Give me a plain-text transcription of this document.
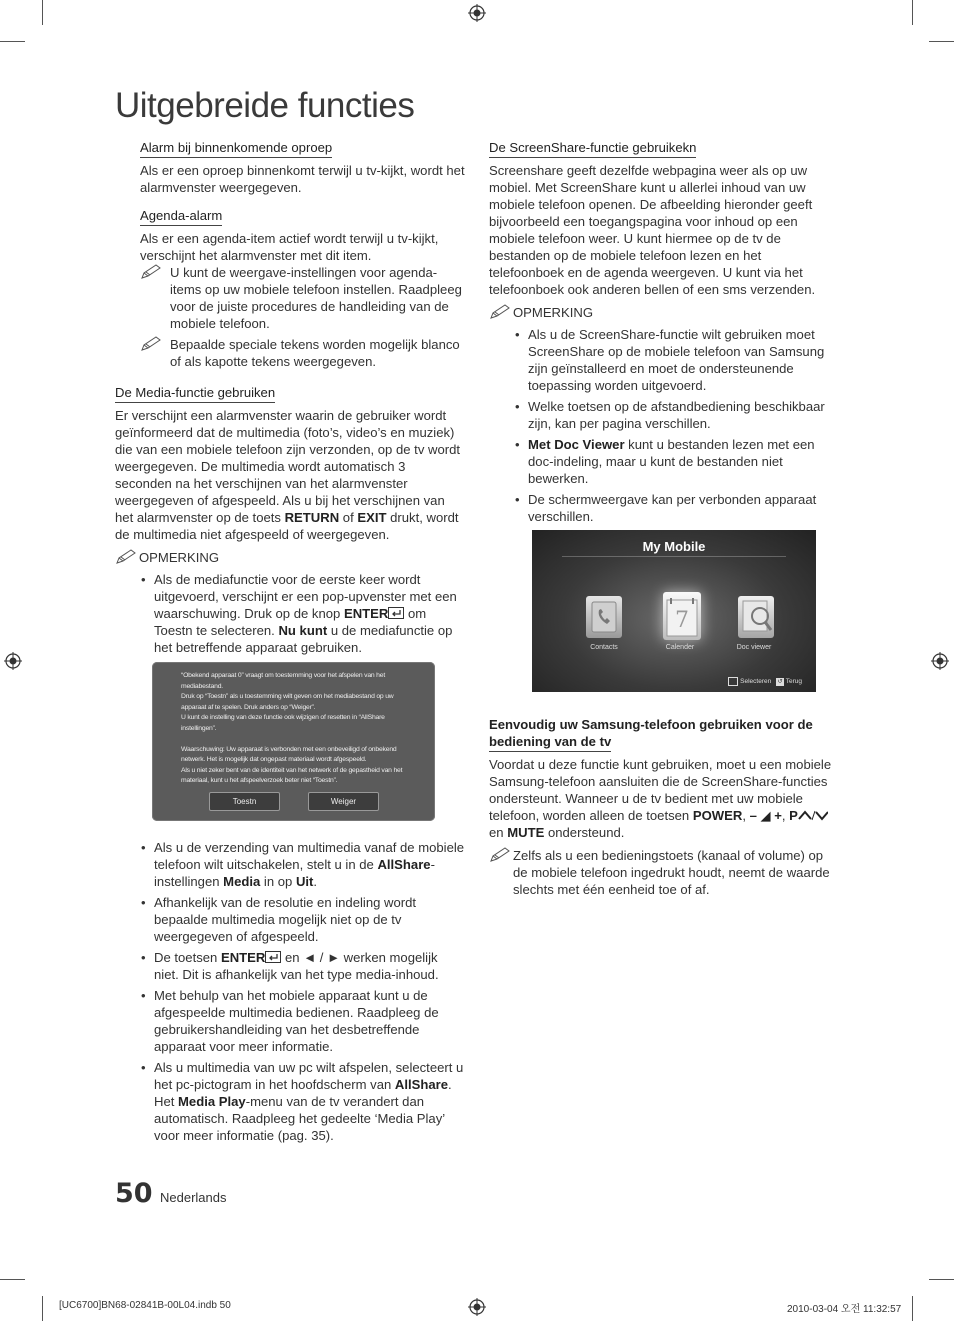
Uitgebreide functies
Alarm bij binnenkomende oproep

Als er een oproep binnenkomt terwijl u tv-kijkt, wordt het alarmvenster weergegeven.

Agenda-alarm

Als er een agenda-item actief wordt terwijl u tv-kijkt, verschijnt het alarmvenster met dit item.

U kunt de weergave-instellingen voor agenda-items op uw mobiele telefoon instellen. Raadpleeg voor de juiste procedures de handleiding van de mobiele telefoon.

Bepaalde speciale tekens worden mogelijk blanco of als kapotte tekens weergegeven.

De Media-functie gebruiken

Er verschijnt een alarmvenster waarin de gebruiker wordt geïnformeerd dat de multimedia (foto’s, video’s en muziek) die van een mobiele telefoon zijn verzonden, op de tv wordt weergegeven. De multimedia wordt automatisch 3 seconden na het verschijnen van het alarmvenster weergegeven of afgespeeld. Als u bij het verschijnen van het alarmvenster op de toets RETURN of EXIT drukt, wordt de multimedia niet afgespeeld of weergegeven.

OPMERKING
• Als de mediafunctie voor de eerste keer wordt uitgevoerd, verschijnt er een pop-upvenster met een waarschuwing. Druk op de knop ENTER om Toestn te selecteren. Nu kunt u de mediafunctie op het betreffende apparaat gebruiken.

“Obekend apparaat 0” vraagt om toestemming voor het afspelen van het mediabestand.
Druk op “Toestn” als u toestemming wilt geven om het mediabestand op uw apparaat af te spelen. Druk anders op “Weiger”.
U kunt de instelling van deze functie ook wijzigen of resetten in “AllShare instellingen”.
Waarschuwing: Uw apparaat is verbonden met een onbeveiligd of onbekend netwerk. Het is mogelijk dat ongepast materiaal wordt afgespeeld.
Als u niet zeker bent van de identiteit van het netwerk of de gepastheid van het materiaal, kunt u het afspeelverzoek beter niet “Toestn”.
Toestn	Weiger
• Als u de verzending van multimedia vanaf de mobiele telefoon wilt uitschakelen, stelt u in de AllShare-instellingen Media in op Uit.

• Afhankelijk van de resolutie en indeling wordt bepaalde multimedia mogelijk niet op de tv weergegeven of afgespeeld.

• De toetsen ENTER en ◄ / ► werken mogelijk niet. Dit is afhankelijk van het type media-inhoud.

• Met behulp van het mobiele apparaat kunt u de afgespeelde multimedia bedienen. Raadpleeg de gebruikershandleiding van het desbetreffende apparaat voor meer informatie.

• Als u multimedia van uw pc wilt afspelen, selecteert u het pc-pictogram in het hoofdscherm van AllShare. Het Media Play-menu van de tv verandert dan automatisch. Raadpleeg het gedeelte ‘Media Play’ voor meer informatie (pag. 35).

De ScreenShare-functie gebruikekn

Screenshare geeft dezelfde webpagina weer als op uw mobiel. Met ScreenShare kunt u allerlei inhoud van uw mobiele telefoon openen. De afbeelding hieronder geeft bijvoorbeeld een toegangspagina voor inhoud op een mobiele telefoon weer. U kunt hiermee op de tv de bestanden op de mobiele telefoon lezen en het telefoonboek en de agenda weergeven. U kunt via het telefoonboek ook anderen bellen of een sms verzenden.

OPMERKING
• Als u de ScreenShare-functie wilt gebruiken moet ScreenShare op de mobiele telefoon van Samsung zijn geïnstalleerd en moet de ondersteunende toepassing worden uitgevoerd.

• Welke toetsen op de afstandbediening beschikbaar zijn, kan per pagina verschillen.

• Met Doc Viewer kunt u bestanden lezen met een doc-indeling, maar u kunt de bestanden niet bewerken.

• De schermweergave kan per verbonden apparaat verschillen.

My Mobile
7
Contacts	Calender	Doc viewer
Selecteren ↺ Terug
Eenvoudig uw Samsung-telefoon gebruiken voor de
bediening van de tv

Voordat u deze functie kunt gebruiken, moet u een mobiele Samsung-telefoon aansluiten die de ScreenShare-functies ondersteunt. Wanneer u de tv bedient met uw mobiele telefoon, worden alleen de toetsen POWER, – ◢ +, P en MUTE ondersteund.

Zelfs als u een bedieningstoets (kanaal of volume) op de mobiele telefoon ingedrukt houdt, neemt de waarde slechts met één eenheid toe of af.

50 Nederlands
[UC6700]BN68-02841B-00L04.indb 50	2010-03-04 오전 11:32:57
